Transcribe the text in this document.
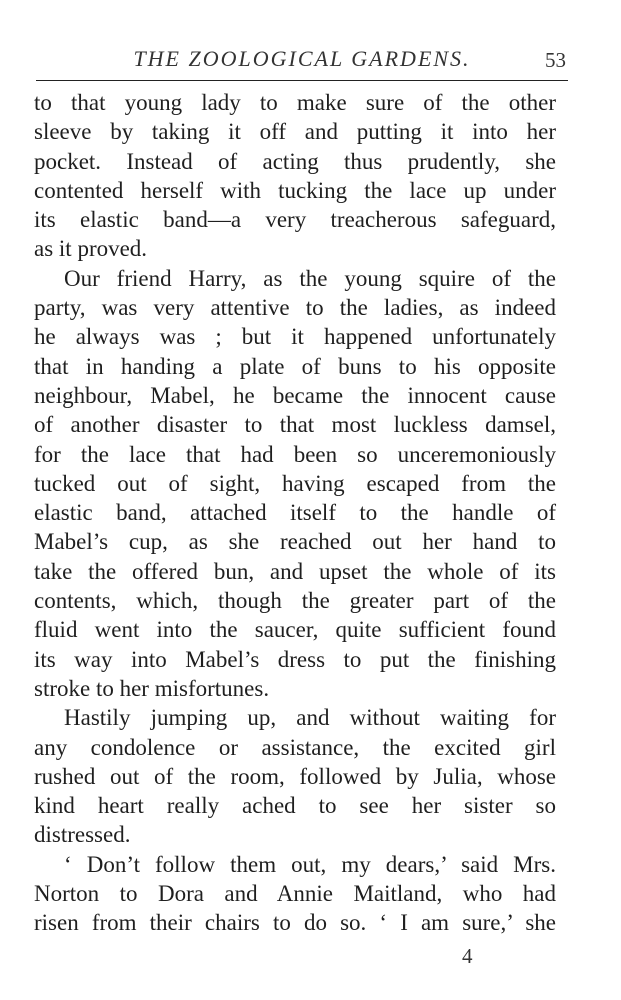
THE ZOOLOGICAL GARDENS.	53
to that young lady to make sure of the other
sleeve by taking it off and putting it into her
pocket. Instead of acting thus prudently, she
contented herself with tucking the lace up under
its elastic band—a very treacherous safeguard,
as it proved.
Our friend Harry, as the young squire of the
party, was very attentive to the ladies, as indeed
he always was ; but it happened unfortunately
that in handing a plate of buns to his opposite
neighbour, Mabel, he became the innocent cause
of another disaster to that most luckless damsel,
for the lace that had been so unceremoniously
tucked out of sight, having escaped from the
elastic band, attached itself to the handle of
Mabel’s cup, as she reached out her hand to
take the offered bun, and upset the whole of its
contents, which, though the greater part of the
fluid went into the saucer, quite sufficient found
its way into Mabel’s dress to put the finishing
stroke to her misfortunes.
Hastily jumping up, and without waiting for
any condolence or assistance, the excited girl
rushed out of the room, followed by Julia, whose
kind heart really ached to see her sister so
distressed.
‘ Don’t follow them out, my dears,’ said Mrs.
Norton to Dora and Annie Maitland, who had
risen from their chairs to do so. ‘ I am sure,’ she
4
